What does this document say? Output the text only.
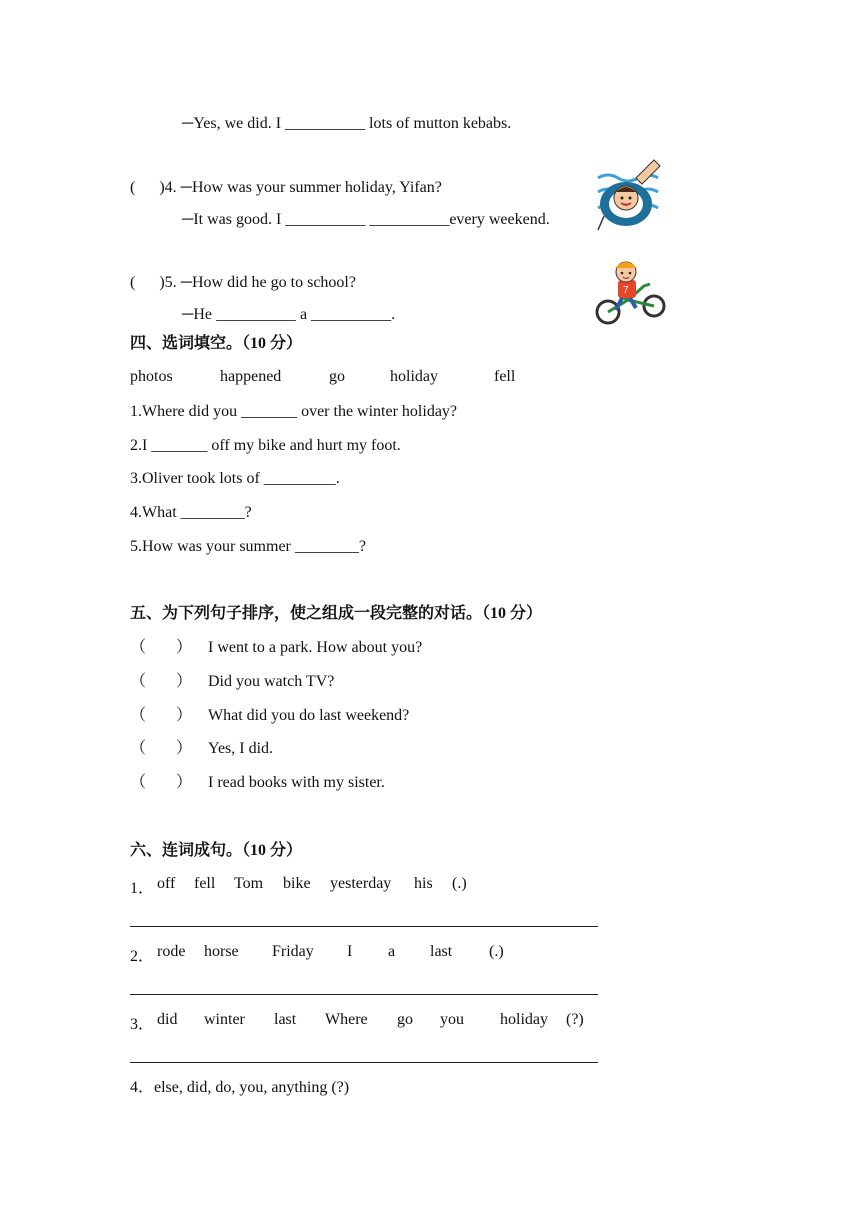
─Yes, we did. I __________ lots of mutton kebabs.
(      )4. ─How was your summer holiday, Yifan?
─It was good. I __________ __________every weekend.
(      )5. ─How did he go to school?
─He __________ a __________.
7
四、选词填空。（10 分）
photos	happened	go	holiday	fell
1.Where did you _______ over the winter holiday?
2.I _______ off my bike and hurt my foot.
3.Oliver took lots of _________.
4.What ________?
5.How was your summer ________?
五、为下列句子排序，使之组成一段完整的对话。（10 分）
（ ） I went to a park. How about you?
（ ） Did you watch TV?
（ ） What did you do last weekend?
（ ） Yes, I did.
（ ） I read books with my sister.
六、连词成句。（10 分）
1． off fell Tom bike yesterday his (.)
2． rode horse Friday I a last (.)
3． did winter last Where go you holiday (?)
4．else, did, do, you, anything (?)
